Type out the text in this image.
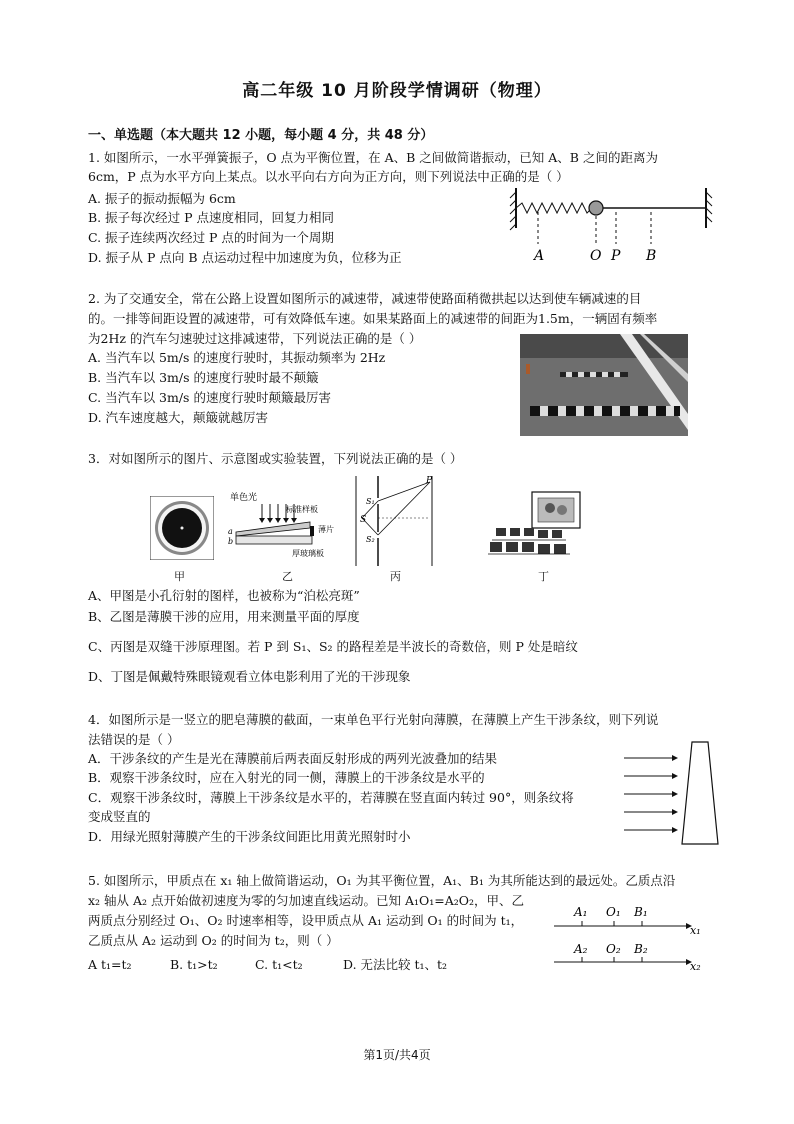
高二年级 10 月阶段学情调研（物理）
一、单选题（本大题共 12 小题，每小题 4 分，共 48 分）
1. 如图所示，一水平弹簧振子，O 点为平衡位置，在 A、B 之间做简谐振动，已知 A、B 之间的距离为
6cm，P 点为水平方向上某点。以水平向右方向为正方向，则下列说法中正确的是（ ）
A. 振子的振动振幅为 6cm
B. 振子每次经过 P 点速度相同，回复力相同
C. 振子连续两次经过 P 点的时间为一个周期
D. 振子从 P 点向 B 点运动过程中加速度为负，位移为正	A	O P B
2. 为了交通安全，常在公路上设置如图所示的减速带，减速带使路面稍微拱起以达到使车辆减速的目
的。一排等间距设置的减速带，可有效降低车速。如果某路面上的减速带的间距为1.5m，一辆固有频率
为2Hz 的汽车匀速驶过这排减速带，下列说法正确的是（ ）
A. 当汽车以 5m/s 的速度行驶时，其振动频率为 2Hz
B. 当汽车以 3m/s 的速度行驶时最不颠簸
C. 当汽车以 3m/s 的速度行驶时颠簸最厉害
D. 汽车速度越大，颠簸就越厉害
3．对如图所示的图片、示意图或实验装置，下列说法正确的是（ ）
甲
单色光
标准样板
薄片
a
b
厚玻璃板
乙
S
S₁
S₂
P
丙	丁
A、甲图是小孔衍射的图样，也被称为“泊松亮斑”
B、乙图是薄膜干涉的应用，用来测量平面的厚度
C、丙图是双缝干涉原理图。若 P 到 S₁、S₂ 的路程差是半波长的奇数倍，则 P 处是暗纹
D、丁图是佩戴特殊眼镜观看立体电影利用了光的干涉现象
4．如图所示是一竖立的肥皂薄膜的截面，一束单色平行光射向薄膜，在薄膜上产生干涉条纹，则下列说
法错误的是（ ）
A．干涉条纹的产生是光在薄膜前后两表面反射形成的两列光波叠加的结果
B．观察干涉条纹时，应在入射光的同一侧，薄膜上的干涉条纹是水平的
C．观察干涉条纹时，薄膜上干涉条纹是水平的，若薄膜在竖直面内转过 90°，则条纹将
变成竖直的
D．用绿光照射薄膜产生的干涉条纹间距比用黄光照射时小
5. 如图所示，甲质点在 x₁ 轴上做简谐运动，O₁ 为其平衡位置，A₁、B₁ 为其所能达到的最远处。乙质点沿
x₂ 轴从 A₂ 点开始做初速度为零的匀加速直线运动。已知 A₁O₁=A₂O₂，甲、乙
两质点分别经过 O₁、O₂ 时速率相等，设甲质点从 A₁ 运动到 O₁ 的时间为 t₁，
乙质点从 A₂ 运动到 O₂ 的时间为 t₂，则（ ）
A t₁=t₂	B. t₁>t₂	C. t₁<t₂	D. 无法比较 t₁、t₂
A₁ O₁ B₁
x₁
A₂ O₂ B₂
x₂
第1页/共4页
